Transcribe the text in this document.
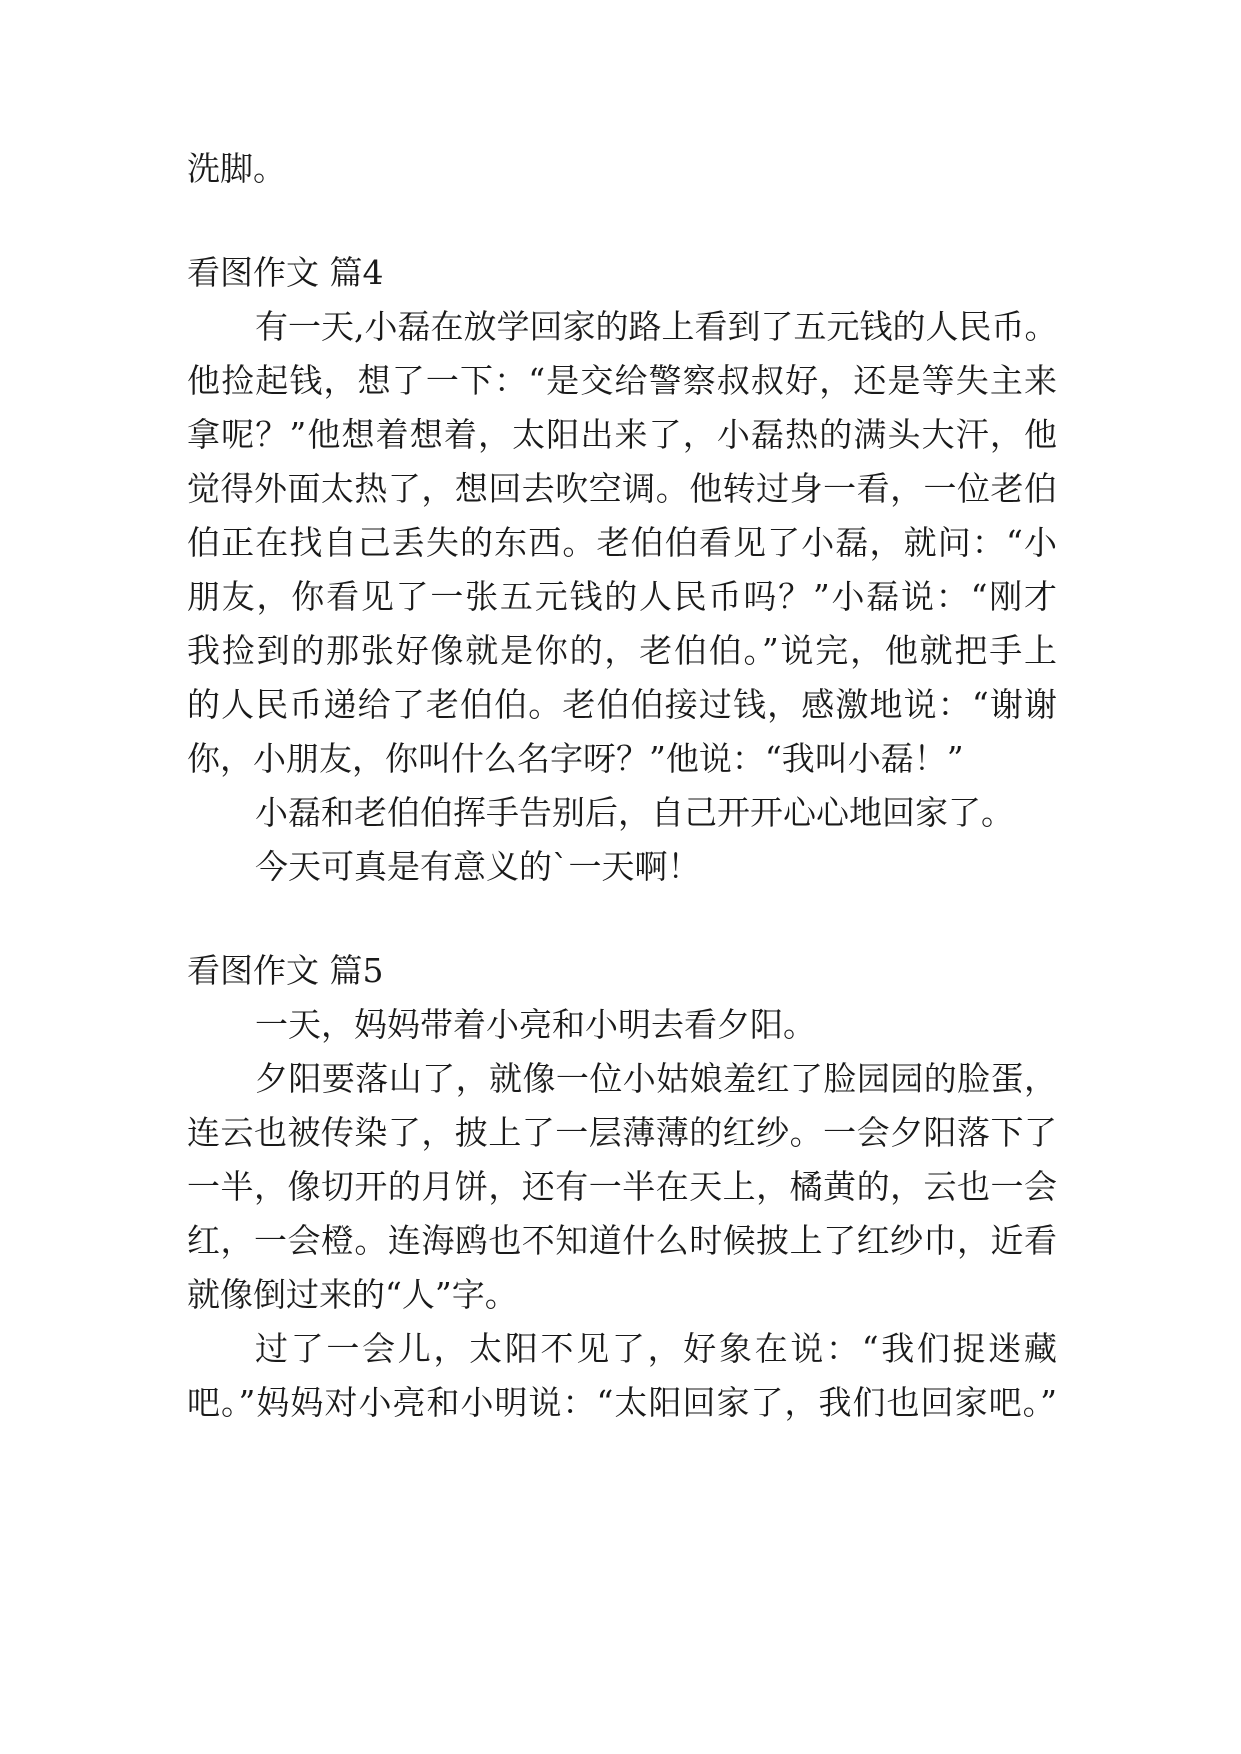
洗脚。
看图作文 篇4
有一天,小磊在放学回家的路上看到了五元钱的人民币。
他捡起钱，想了一下：“是交给警察叔叔好，还是等失主来
拿呢？”他想着想着，太阳出来了，小磊热的满头大汗，他
觉得外面太热了，想回去吹空调。他转过身一看，一位老伯
伯正在找自己丢失的东西。老伯伯看见了小磊，就问：“小
朋友，你看见了一张五元钱的人民币吗？”小磊说：“刚才
我捡到的那张好像就是你的，老伯伯。”说完，他就把手上
的人民币递给了老伯伯。老伯伯接过钱，感激地说：“谢谢
你，小朋友，你叫什么名字呀？”他说：“我叫小磊！”
小磊和老伯伯挥手告别后，自己开开心心地回家了。
今天可真是有意义的`一天啊！
看图作文 篇5
一天，妈妈带着小亮和小明去看夕阳。
夕阳要落山了，就像一位小姑娘羞红了脸园园的脸蛋，
连云也被传染了，披上了一层薄薄的红纱。一会夕阳落下了
一半，像切开的月饼，还有一半在天上，橘黄的，云也一会
红，一会橙。连海鸥也不知道什么时候披上了红纱巾，近看
就像倒过来的“人”字。
过了一会儿，太阳不见了，好象在说：“我们捉迷藏
吧。”妈妈对小亮和小明说：“太阳回家了，我们也回家吧。”
